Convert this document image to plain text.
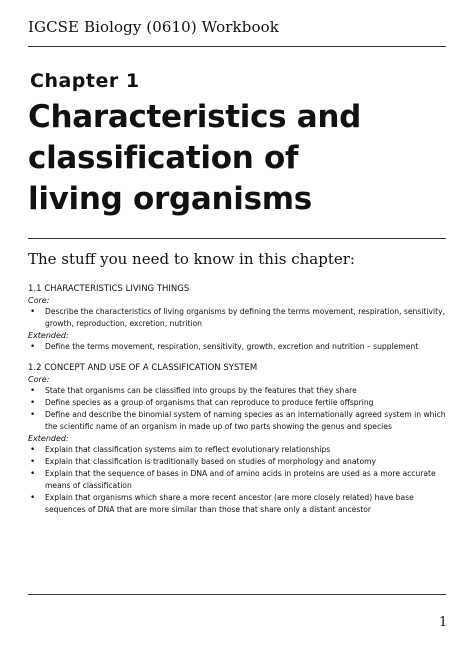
IGCSE Biology (0610) Workbook
Chapter 1
Characteristics and
classification of
living organisms
The stuff you need to know in this chapter:

1.1 CHARACTERISTICS LIVING THINGS

Core:

• Describe the characteristics of living organisms by defining the terms movement, respiration, sensitivity, growth, reproduction, excretion, nutrition

Extended:

• Define the terms movement, respiration, sensitivity, growth, excretion and nutrition – supplement

1.2 CONCEPT AND USE OF A CLASSIFICATION SYSTEM

Core:

• State that organisms can be classified into groups by the features that they share
• Define species as a group of organisms that can reproduce to produce fertile offspring
• Define and describe the binomial system of naming species as an internationally agreed system in which the scientific name of an organism in made up of two parts showing the genus and species

Extended:

• Explain that classification systems aim to reflect evolutionary relationships
• Explain that classification is traditionally based on studies of morphology and anatomy
• Explain that the sequence of bases in DNA and of amino acids in proteins are used as a more accurate means of classification
• Explain that organisms which share a more recent ancestor (are more closely related) have base sequences of DNA that are more similar than those that share only a distant ancestor
1
